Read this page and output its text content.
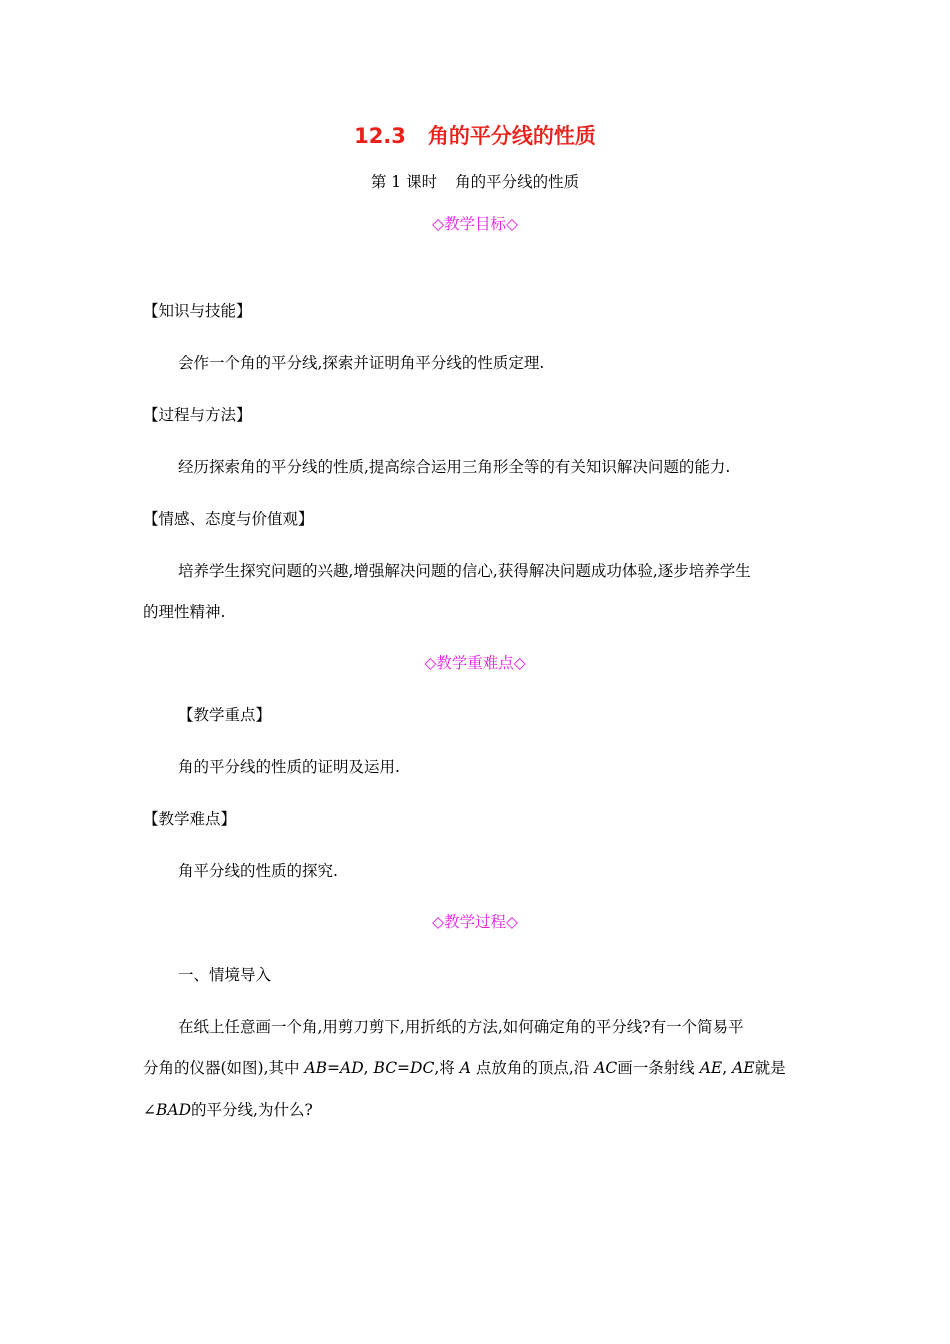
12.3 角的平分线的性质
第 1 课时 角的平分线的性质
◇教学目标◇
【知识与技能】
会作一个角的平分线,探索并证明角平分线的性质定理.
【过程与方法】
经历探索角的平分线的性质,提高综合运用三角形全等的有关知识解决问题的能力.
【情感、态度与价值观】
培养学生探究问题的兴趣,增强解决问题的信心,获得解决问题成功体验,逐步培养学生
的理性精神.
◇教学重难点◇
【教学重点】
角的平分线的性质的证明及运用.
【教学难点】
角平分线的性质的探究.
◇教学过程◇
一、情境导入
在纸上任意画一个角,用剪刀剪下,用折纸的方法,如何确定角的平分线?有一个简易平
分角的仪器(如图),其中 AB=AD, BC=DC,将 A 点放角的顶点,沿 AC画一条射线 AE, AE就是
∠BAD的平分线,为什么?
